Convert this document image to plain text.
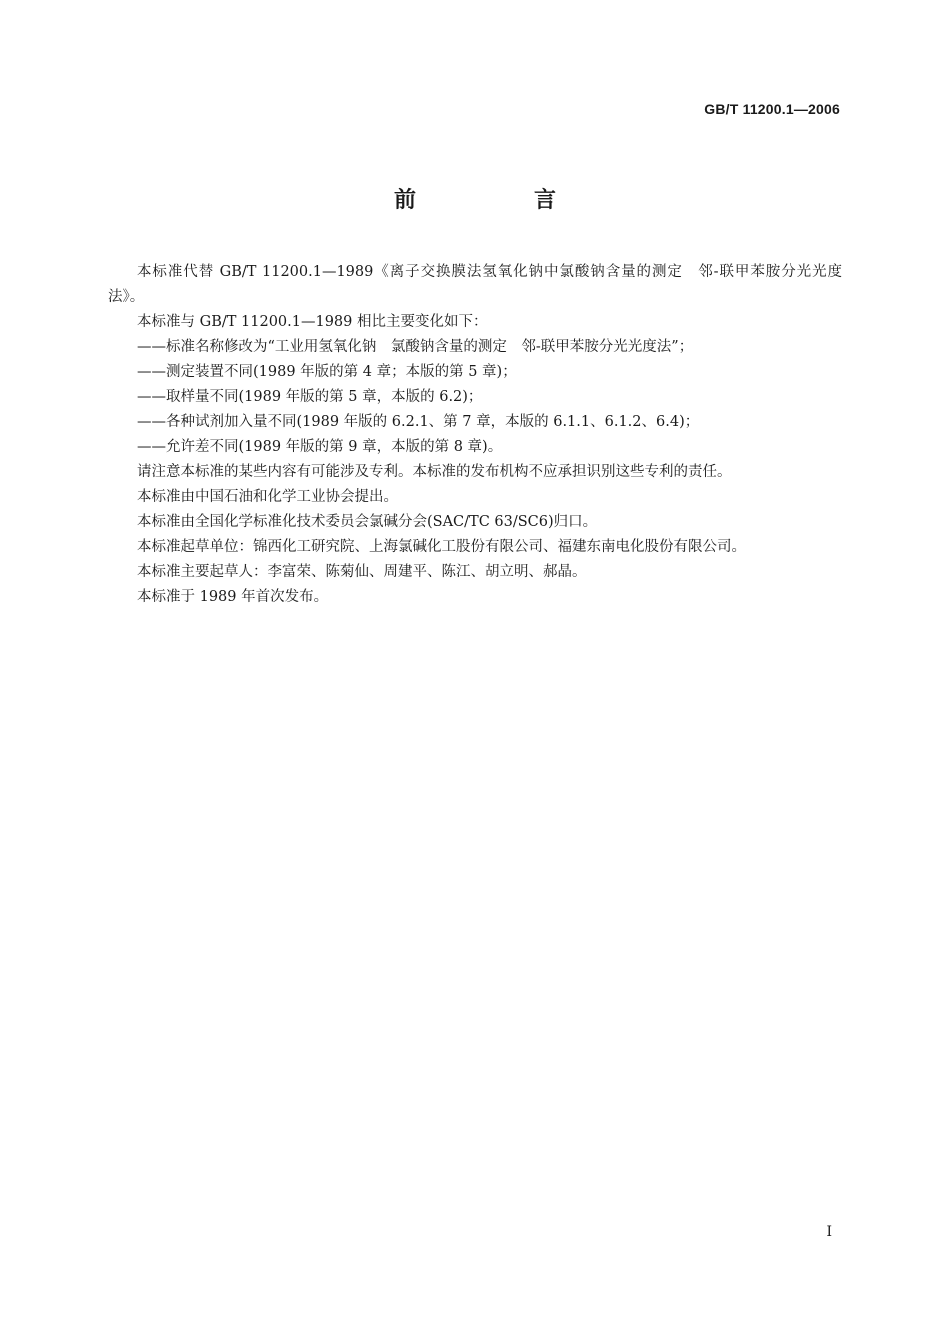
GB/T 11200.1—2006
前　言

本标准代替 GB/T 11200.1—1989《离子交换膜法氢氧化钠中氯酸钠含量的测定　邻-联甲苯胺分光光度法》。

本标准与 GB/T 11200.1—1989 相比主要变化如下：

——标准名称修改为“工业用氢氧化钠　氯酸钠含量的测定　邻-联甲苯胺分光光度法”；

——测定装置不同(1989 年版的第 4 章；本版的第 5 章)；

——取样量不同(1989 年版的第 5 章，本版的 6.2)；

——各种试剂加入量不同(1989 年版的 6.2.1、第 7 章，本版的 6.1.1、6.1.2、6.4)；

——允许差不同(1989 年版的第 9 章，本版的第 8 章)。

请注意本标准的某些内容有可能涉及专利。本标准的发布机构不应承担识别这些专利的责任。

本标准由中国石油和化学工业协会提出。

本标准由全国化学标准化技术委员会氯碱分会(SAC/TC 63/SC6)归口。

本标准起草单位：锦西化工研究院、上海氯碱化工股份有限公司、福建东南电化股份有限公司。

本标准主要起草人：李富荣、陈菊仙、周建平、陈江、胡立明、郝晶。

本标准于 1989 年首次发布。

I
